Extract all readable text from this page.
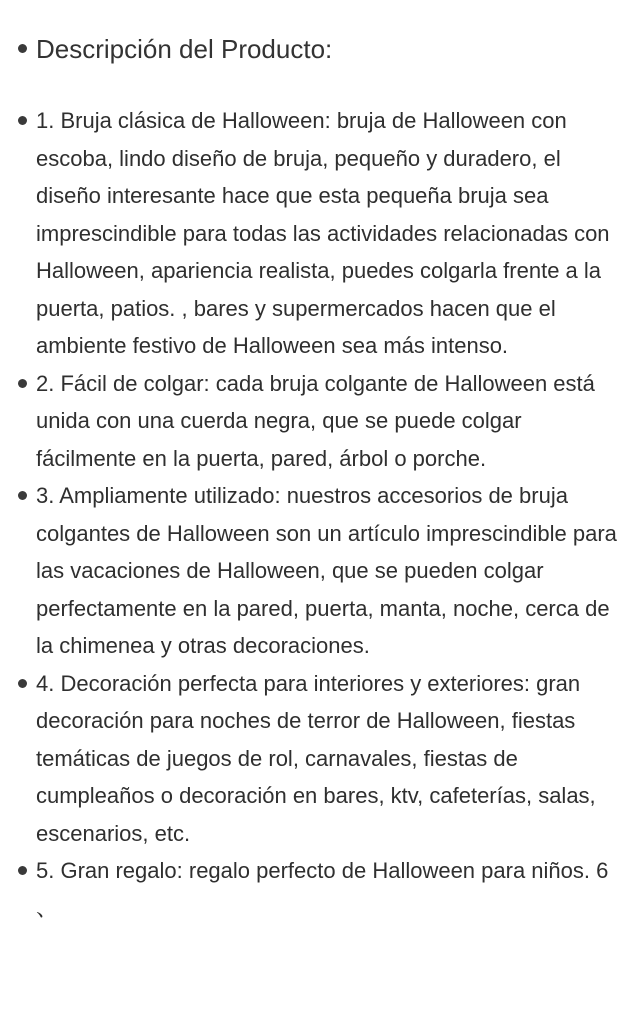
Descripción del Producto:
1. Bruja clásica de Halloween: bruja de Halloween con escoba, lindo diseño de bruja, pequeño y duradero, el diseño interesante hace que esta pequeña bruja sea imprescindible para todas las actividades relacionadas con Halloween, apariencia realista, puedes colgarla frente a la puerta, patios. , bares y supermercados hacen que el ambiente festivo de Halloween sea más intenso.
2. Fácil de colgar: cada bruja colgante de Halloween está unida con una cuerda negra, que se puede colgar fácilmente en la puerta, pared, árbol o porche.
3. Ampliamente utilizado: nuestros accesorios de bruja colgantes de Halloween son un artículo imprescindible para las vacaciones de Halloween, que se pueden colgar perfectamente en la pared, puerta, manta, noche, cerca de la chimenea y otras decoraciones.
4. Decoración perfecta para interiores y exteriores: gran decoración para noches de terror de Halloween, fiestas temáticas de juegos de rol, carnavales, fiestas de cumpleaños o decoración en bares, ktv, cafeterías, salas, escenarios, etc.
5. Gran regalo: regalo perfecto de Halloween para niños. 6 、
